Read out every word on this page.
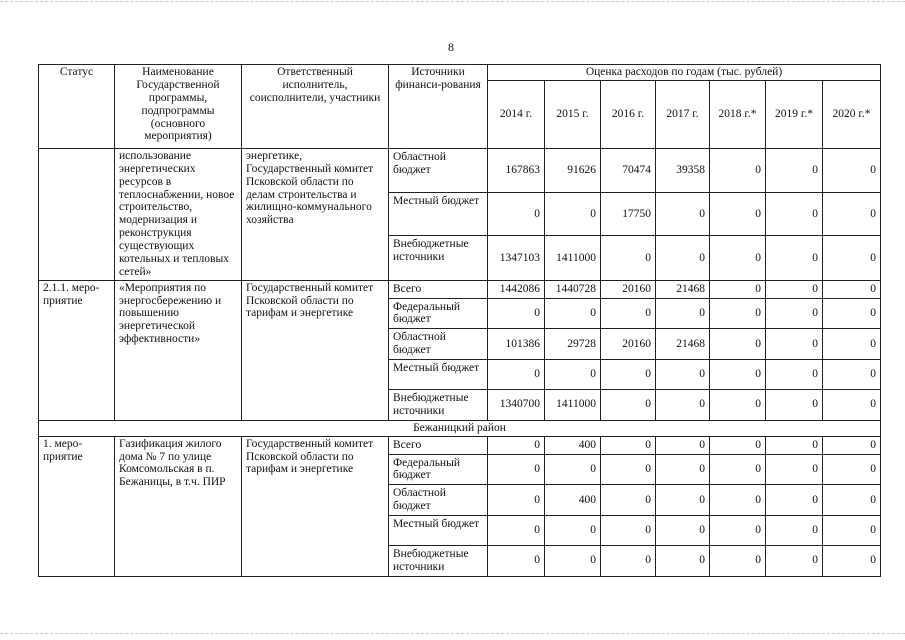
8
Статус	Наименование Государственной программы, подпрограммы (основного мероприятия)	Ответственный исполнитель, соисполнители, участники	Источники финанси-рования	Оценка расходов по годам (тыс. рублей)						
				2014 г.	2015 г.	2016 г.	2017 г.	2018 г.*	2019 г.*	2020 г.*
	использование энергетических ресурсов в теплоснабжении, новое строительство, модернизация и реконструкция существующих котельных и тепловых сетей»	энергетике, Государственный комитет Псковской области по делам строительства и жилищно-коммунального хозяйства	Областной бюджет	167863	91626	70474	39358	0	0	0
			Местный бюджет	0	0	17750	0	0	0	0
			Внебюджетные источники	1347103	1411000	0	0	0	0	0
2.1.1. меро-приятие	«Мероприятия по энергосбережению и повышению энергетической эффективности»	Государственный комитет Псковской области по тарифам и энергетике	Всего	1442086	1440728	20160	21468	0	0	0
			Федеральный бюджет	0	0	0	0	0	0	0
			Областной бюджет	101386	29728	20160	21468	0	0	0
			Местный бюджет	0	0	0	0	0	0	0
			Внебюджетные источники	1340700	1411000	0	0	0	0	0
Бежаницкий район										
1. меро-приятие	Газификация жилого дома № 7 по улице Комсомольская в п. Бежаницы, в т.ч. ПИР	Государственный комитет Псковской области по тарифам и энергетике	Всего	0	400	0	0	0	0	0
			Федеральный бюджет	0	0	0	0	0	0	0
			Областной бюджет	0	400	0	0	0	0	0
			Местный бюджет	0	0	0	0	0	0	0
			Внебюджетные источники	0	0	0	0	0	0	0
